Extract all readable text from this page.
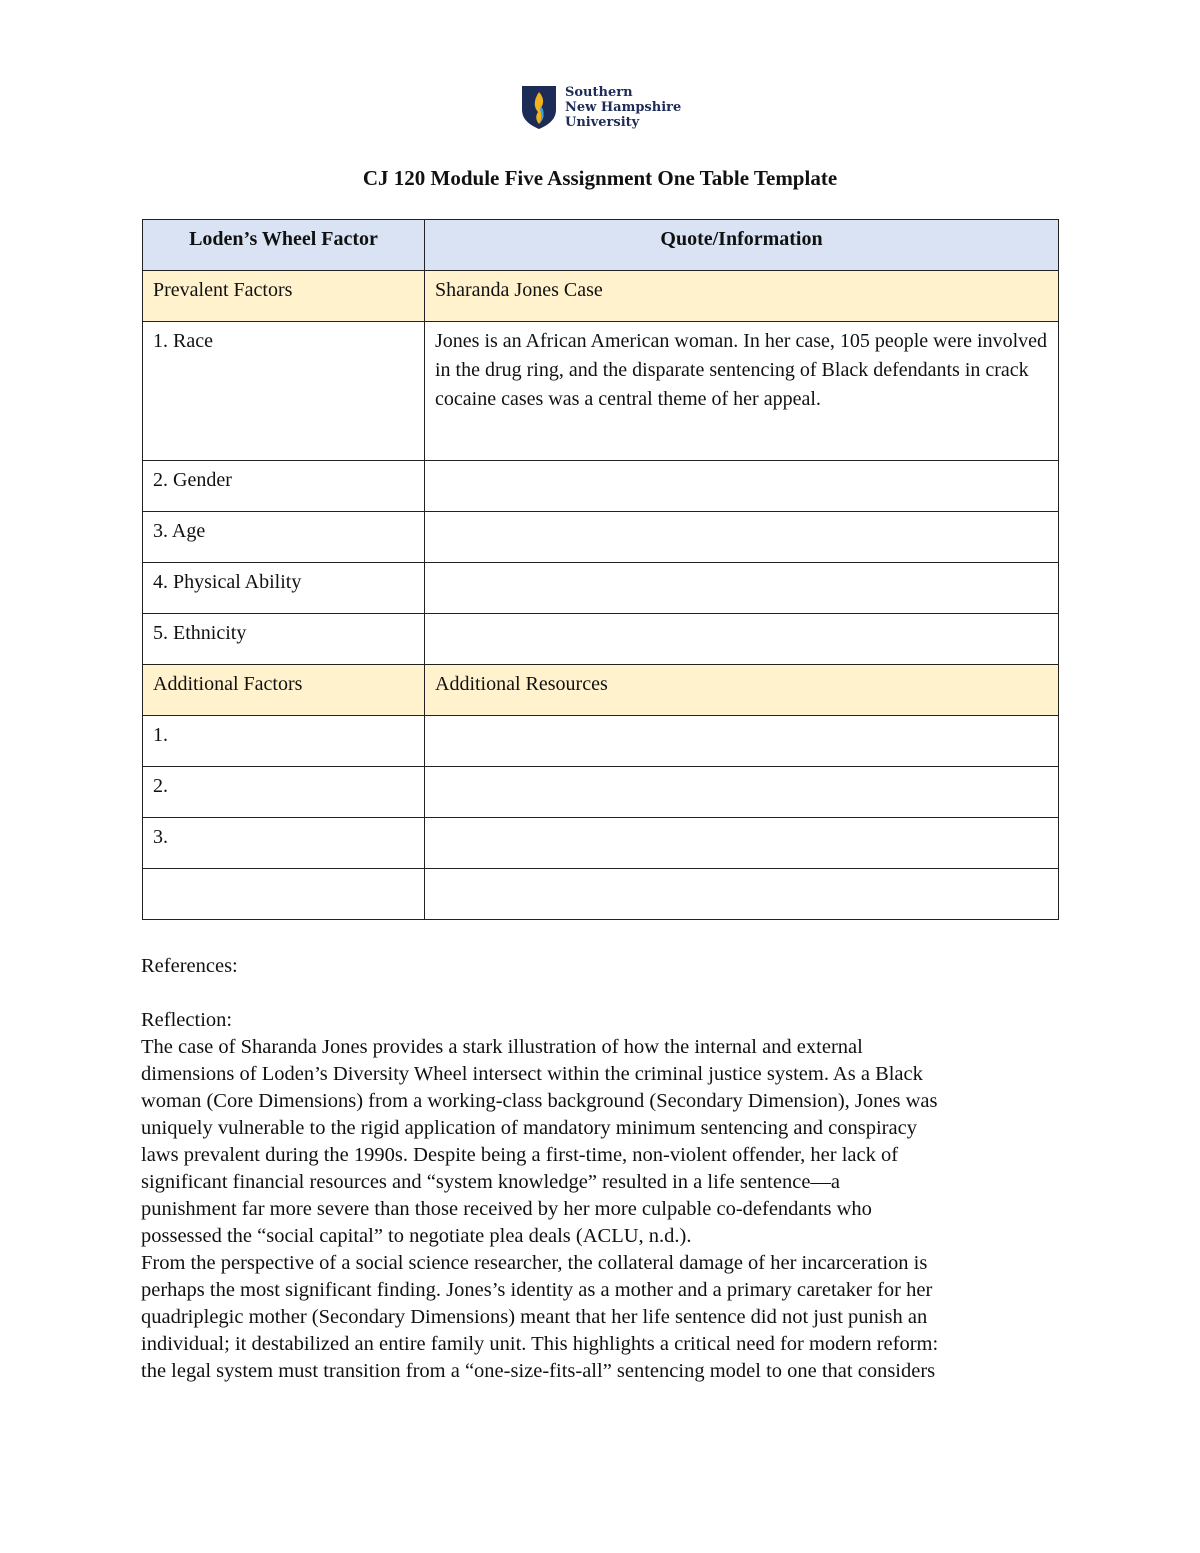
Southern
New Hampshire
University
CJ 120 Module Five Assignment One Table Template
Loden’s Wheel Factor	Quote/Information
Prevalent Factors	Sharanda Jones Case
1. Race	Jones is an African American woman. In her case, 105 people were involved in the drug ring, and the disparate sentencing of Black defendants in crack cocaine cases was a central theme of her appeal.
2. Gender	
3. Age	
4. Physical Ability	
5. Ethnicity	
Additional Factors	Additional Resources
1.	
2.	
3.	

References:
Reflection:
The case of Sharanda Jones provides a stark illustration of how the internal and external
dimensions of Loden’s Diversity Wheel intersect within the criminal justice system. As a Black
woman (Core Dimensions) from a working-class background (Secondary Dimension), Jones was
uniquely vulnerable to the rigid application of mandatory minimum sentencing and conspiracy
laws prevalent during the 1990s. Despite being a first-time, non-violent offender, her lack of
significant financial resources and “system knowledge” resulted in a life sentence—a
punishment far more severe than those received by her more culpable co-defendants who
possessed the “social capital” to negotiate plea deals (ACLU, n.d.).
From the perspective of a social science researcher, the collateral damage of her incarceration is
perhaps the most significant finding. Jones’s identity as a mother and a primary caretaker for her
quadriplegic mother (Secondary Dimensions) meant that her life sentence did not just punish an
individual; it destabilized an entire family unit. This highlights a critical need for modern reform:
the legal system must transition from a “one-size-fits-all” sentencing model to one that considers
